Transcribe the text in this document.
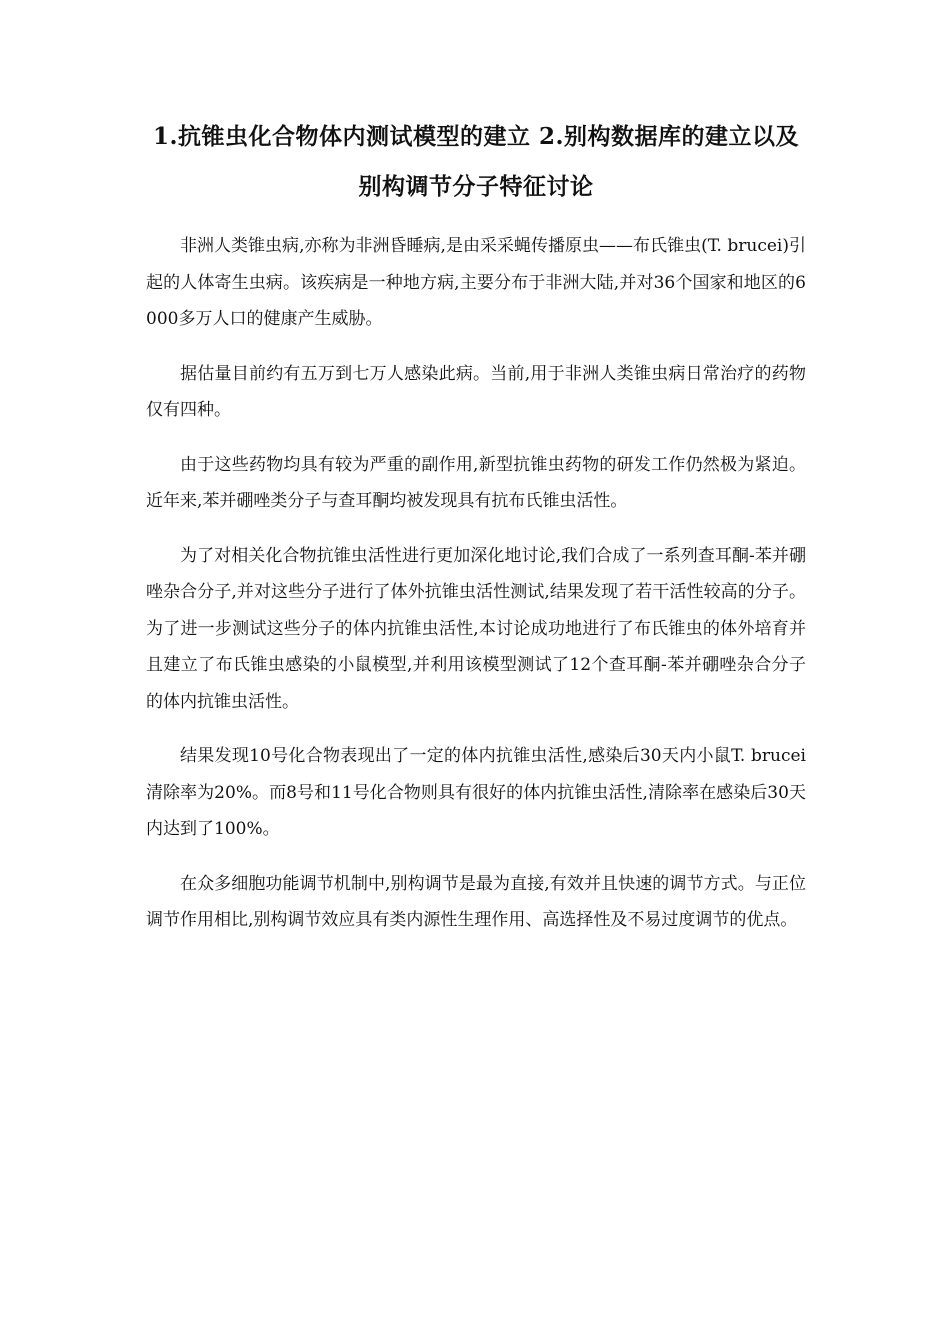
1.抗锥虫化合物体内测试模型的建立 2.别构数据库的建立以及别构调节分子特征讨论

非洲人类锥虫病,亦称为非洲昏睡病,是由采采蝇传播原虫——布氏锥虫(T. brucei)引起的人体寄生虫病。该疾病是一种地方病,主要分布于非洲大陆,并对36个国家和地区的6000多万人口的健康产生威胁。

据估量目前约有五万到七万人感染此病。当前,用于非洲人类锥虫病日常治疗的药物仅有四种。

由于这些药物均具有较为严重的副作用,新型抗锥虫药物的研发工作仍然极为紧迫。近年来,苯并硼唑类分子与查耳酮均被发现具有抗布氏锥虫活性。

为了对相关化合物抗锥虫活性进行更加深化地讨论,我们合成了一系列查耳酮-苯并硼唑杂合分子,并对这些分子进行了体外抗锥虫活性测试,结果发现了若干活性较高的分子。为了进一步测试这些分子的体内抗锥虫活性,本讨论成功地进行了布氏锥虫的体外培育并且建立了布氏锥虫感染的小鼠模型,并利用该模型测试了12个查耳酮-苯并硼唑杂合分子的体内抗锥虫活性。

结果发现10号化合物表现出了一定的体内抗锥虫活性,感染后30天内小鼠T. brucei清除率为20%。而8号和11号化合物则具有很好的体内抗锥虫活性,清除率在感染后30天内达到了100%。

在众多细胞功能调节机制中,别构调节是最为直接,有效并且快速的调节方式。与正位调节作用相比,别构调节效应具有类内源性生理作用、高选择性及不易过度调节的优点。
